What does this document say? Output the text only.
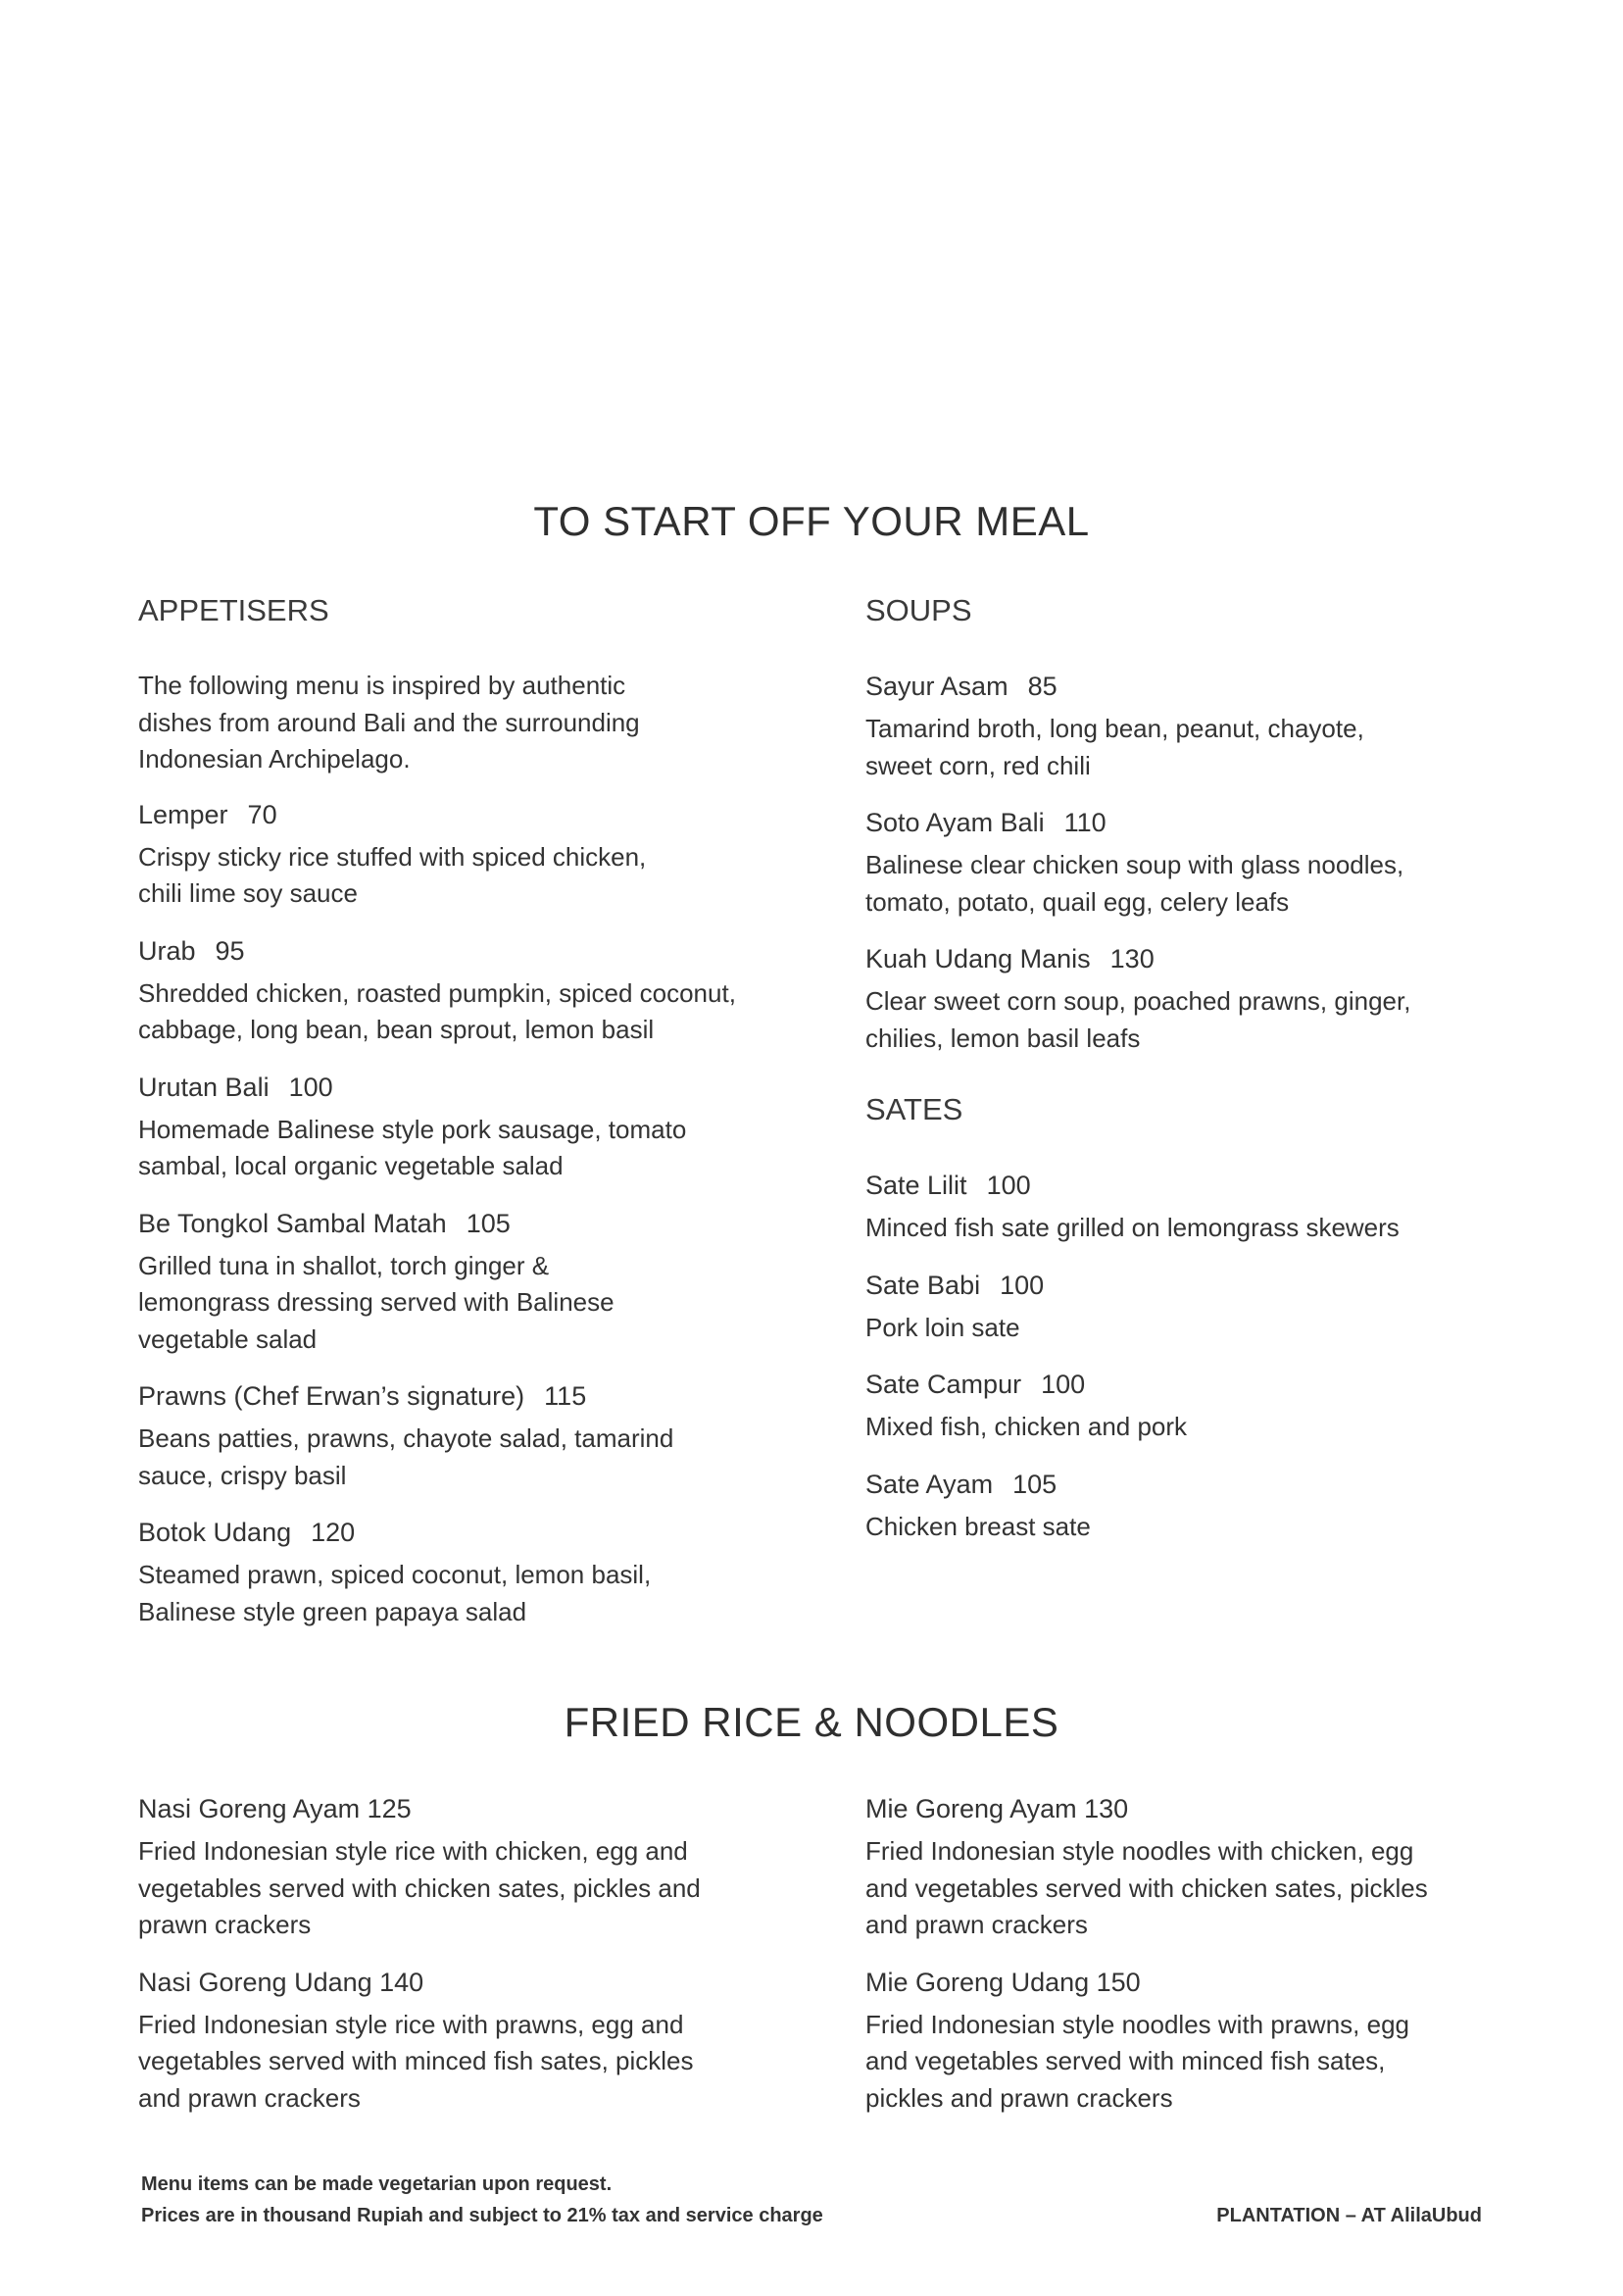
TO START OFF YOUR MEAL

APPETISERS

The following menu is inspired by authentic

dishes from around Bali and the surrounding

Indonesian Archipelago.

Lemper 70

Crispy sticky rice stuffed with spiced chicken,

chili lime soy sauce

Urab 95

Shredded chicken, roasted pumpkin, spiced coconut,

cabbage, long bean, bean sprout, lemon basil

Urutan Bali 100

Homemade Balinese style pork sausage, tomato

sambal, local organic vegetable salad

Be Tongkol Sambal Matah 105

Grilled tuna in shallot, torch ginger &

lemongrass dressing served with Balinese

vegetable salad

Prawns (Chef Erwan’s signature) 115

Beans patties, prawns, chayote salad, tamarind

sauce, crispy basil

Botok Udang 120

Steamed prawn, spiced coconut, lemon basil,

Balinese style green papaya salad

SOUPS

Sayur Asam 85

Tamarind broth, long bean, peanut, chayote,

sweet corn, red chili

Soto Ayam Bali 110

Balinese clear chicken soup with glass noodles,

tomato, potato, quail egg, celery leafs

Kuah Udang Manis 130

Clear sweet corn soup, poached prawns, ginger,

chilies, lemon basil leafs

SATES

Sate Lilit 100

Minced fish sate grilled on lemongrass skewers

Sate Babi 100

Pork loin sate

Sate Campur 100

Mixed fish, chicken and pork

Sate Ayam 105

Chicken breast sate

FRIED RICE & NOODLES

Nasi Goreng Ayam 125

Fried Indonesian style rice with chicken, egg and

vegetables served with chicken sates, pickles and

prawn crackers

Nasi Goreng Udang 140

Fried Indonesian style rice with prawns, egg and

vegetables served with minced fish sates, pickles

and prawn crackers

Mie Goreng Ayam 130

Fried Indonesian style noodles with chicken, egg

and vegetables served with chicken sates, pickles

and prawn crackers

Mie Goreng Udang 150

Fried Indonesian style noodles with prawns, egg

and vegetables served with minced fish sates,

pickles and prawn crackers

Menu items can be made vegetarian upon request.
Prices are in thousand Rupiah and subject to 21% tax and service charge	PLANTATION – AT AlilaUbud
